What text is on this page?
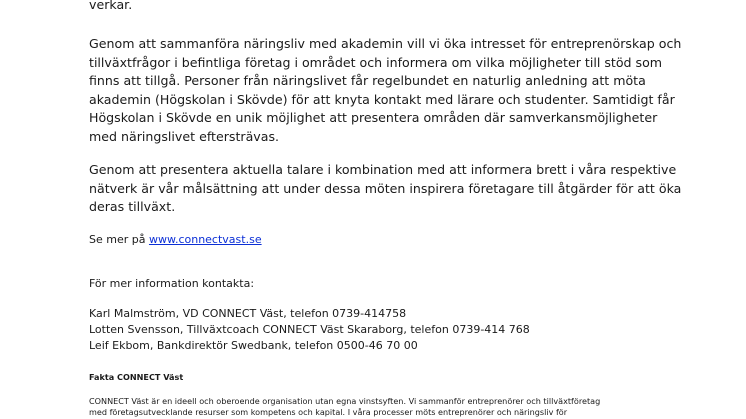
verkar.

Genom att sammanföra näringsliv med akademin vill vi öka intresset för entreprenörskap och
tillväxtfrågor i befintliga företag i området och informera om vilka möjligheter till stöd som
finns att tillgå. Personer från näringslivet får regelbundet en naturlig anledning att möta
akademin (Högskolan i Skövde) för att knyta kontakt med lärare och studenter. Samtidigt får
Högskolan i Skövde en unik möjlighet att presentera områden där samverkansmöjligheter
med näringslivet eftersträvas.

Genom att presentera aktuella talare i kombination med att informera brett i våra respektive
nätverk är vår målsättning att under dessa möten inspirera företagare till åtgärder för att öka
deras tillväxt.

Se mer på www.connectvast.se

För mer information kontakta:

Karl Malmström, VD CONNECT Väst, telefon 0739-414758
Lotten Svensson, Tillväxtcoach CONNECT Väst Skaraborg, telefon 0739-414 768
Leif Ekbom, Bankdirektör Swedbank, telefon 0500-46 70 00

Fakta CONNECT Väst

CONNECT Väst är en ideell och oberoende organisation utan egna vinstsyften. Vi sammanför entreprenörer och tillväxtföretag
med företagsutvecklande resurser som kompetens och kapital. I våra processer möts entreprenörer och näringsliv för
